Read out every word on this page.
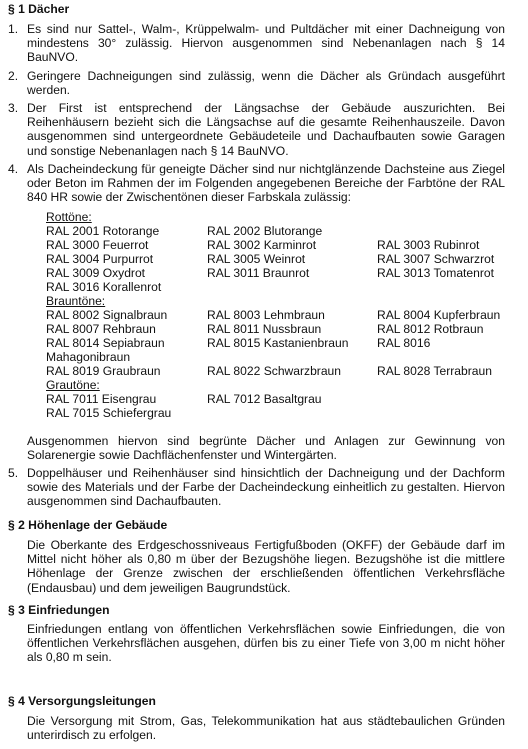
§ 1 Dächer
1. Es sind nur Sattel-, Walm-, Krüppelwalm- und Pultdächer mit einer Dachneigung von mindestens 30° zulässig. Hiervon ausgenommen sind Nebenanlagen nach § 14 BauNVO.
2. Geringere Dachneigungen sind zulässig, wenn die Dächer als Gründach ausgeführt werden.
3. Der First ist entsprechend der Längsachse der Gebäude auszurichten. Bei Reihenhäusern bezieht sich die Längsachse auf die gesamte Reihenhauszeile. Davon ausgenommen sind untergeordnete Gebäudeteile und Dachaufbauten sowie Garagen und sonstige Nebenanlagen nach § 14 BauNVO.
4. Als Dacheindeckung für geneigte Dächer sind nur nichtglänzende Dachsteine aus Ziegel oder Beton im Rahmen der im Folgenden angegebenen Bereiche der Farbtöne der RAL 840 HR sowie der Zwischentönen dieser Farbskala zulässig:
Rottöne:
RAL 2001 Rotorange	RAL 2002 Blutorange
RAL 3000 Feuerrot	RAL 3002 Karminrot	RAL 3003 Rubinrot
RAL 3004 Purpurrot	RAL 3005 Weinrot	RAL 3007 Schwarzrot
RAL 3009 Oxydrot	RAL 3011 Braunrot	RAL 3013 Tomatenrot
RAL 3016 Korallenrot
Brauntöne:
RAL 8002 Signalbraun	RAL 8003 Lehmbraun	RAL 8004 Kupferbraun
RAL 8007 Rehbraun	RAL 8011 Nussbraun	RAL 8012 Rotbraun
RAL 8014 Sepiabraun	RAL 8015 Kastanienbraun RAL 8016
Mahagonibraun
RAL 8019 Graubraun	RAL 8022 Schwarzbraun	RAL 8028 Terrabraun
Grautöne:
RAL 7011 Eisengrau	RAL 7012 Basaltgrau
RAL 7015 Schiefergrau
Ausgenommen hiervon sind begrünte Dächer und Anlagen zur Gewinnung von Solarenergie sowie Dachflächenfenster und Wintergärten.
5. Doppelhäuser und Reihenhäuser sind hinsichtlich der Dachneigung und der Dachform sowie des Materials und der Farbe der Dacheindeckung einheitlich zu gestalten. Hiervon ausgenommen sind Dachaufbauten.
§ 2 Höhenlage der Gebäude
Die Oberkante des Erdgeschossniveaus Fertigfußboden (OKFF) der Gebäude darf im Mittel nicht höher als 0,80 m über der Bezugshöhe liegen. Bezugshöhe ist die mittlere Höhenlage der Grenze zwischen der erschließenden öffentlichen Verkehrsfläche (Endausbau) und dem jeweiligen Baugrundstück.
§ 3 Einfriedungen
Einfriedungen entlang von öffentlichen Verkehrsflächen sowie Einfriedungen, die von öffentlichen Verkehrsflächen ausgehen, dürfen bis zu einer Tiefe von 3,00 m nicht höher als 0,80 m sein.
§ 4 Versorgungsleitungen
Die Versorgung mit Strom, Gas, Telekommunikation hat aus städtebaulichen Gründen unterirdisch zu erfolgen.
